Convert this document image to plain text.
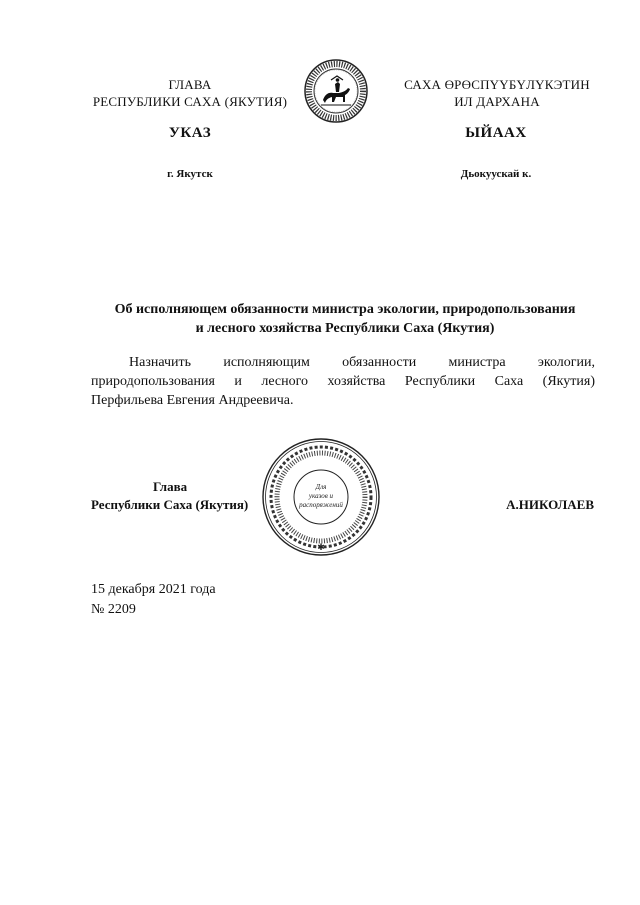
ГЛАВА
РЕСПУБЛИКИ САХА (ЯКУТИЯ)
САХА ӨРӨСПҮҮБҮЛҮКЭТИН
ИЛ ДАРХАНА
УКАЗ	ЫЙААХ
г. Якутск	Дьокуускай к.
Об исполняющем обязанности министра экологии, природопользования
и лесного хозяйства Республики Саха (Якутия)
Назначить исполняющим обязанности министра экологии,
природопользования и лесного хозяйства Республики Саха (Якутия)
Перфильева Евгения Андреевича.
Для
указов и
распоряжений
✱
Глава
Республики Саха (Якутия)	А.НИКОЛАЕВ
15 декабря 2021 года
№ 2209
